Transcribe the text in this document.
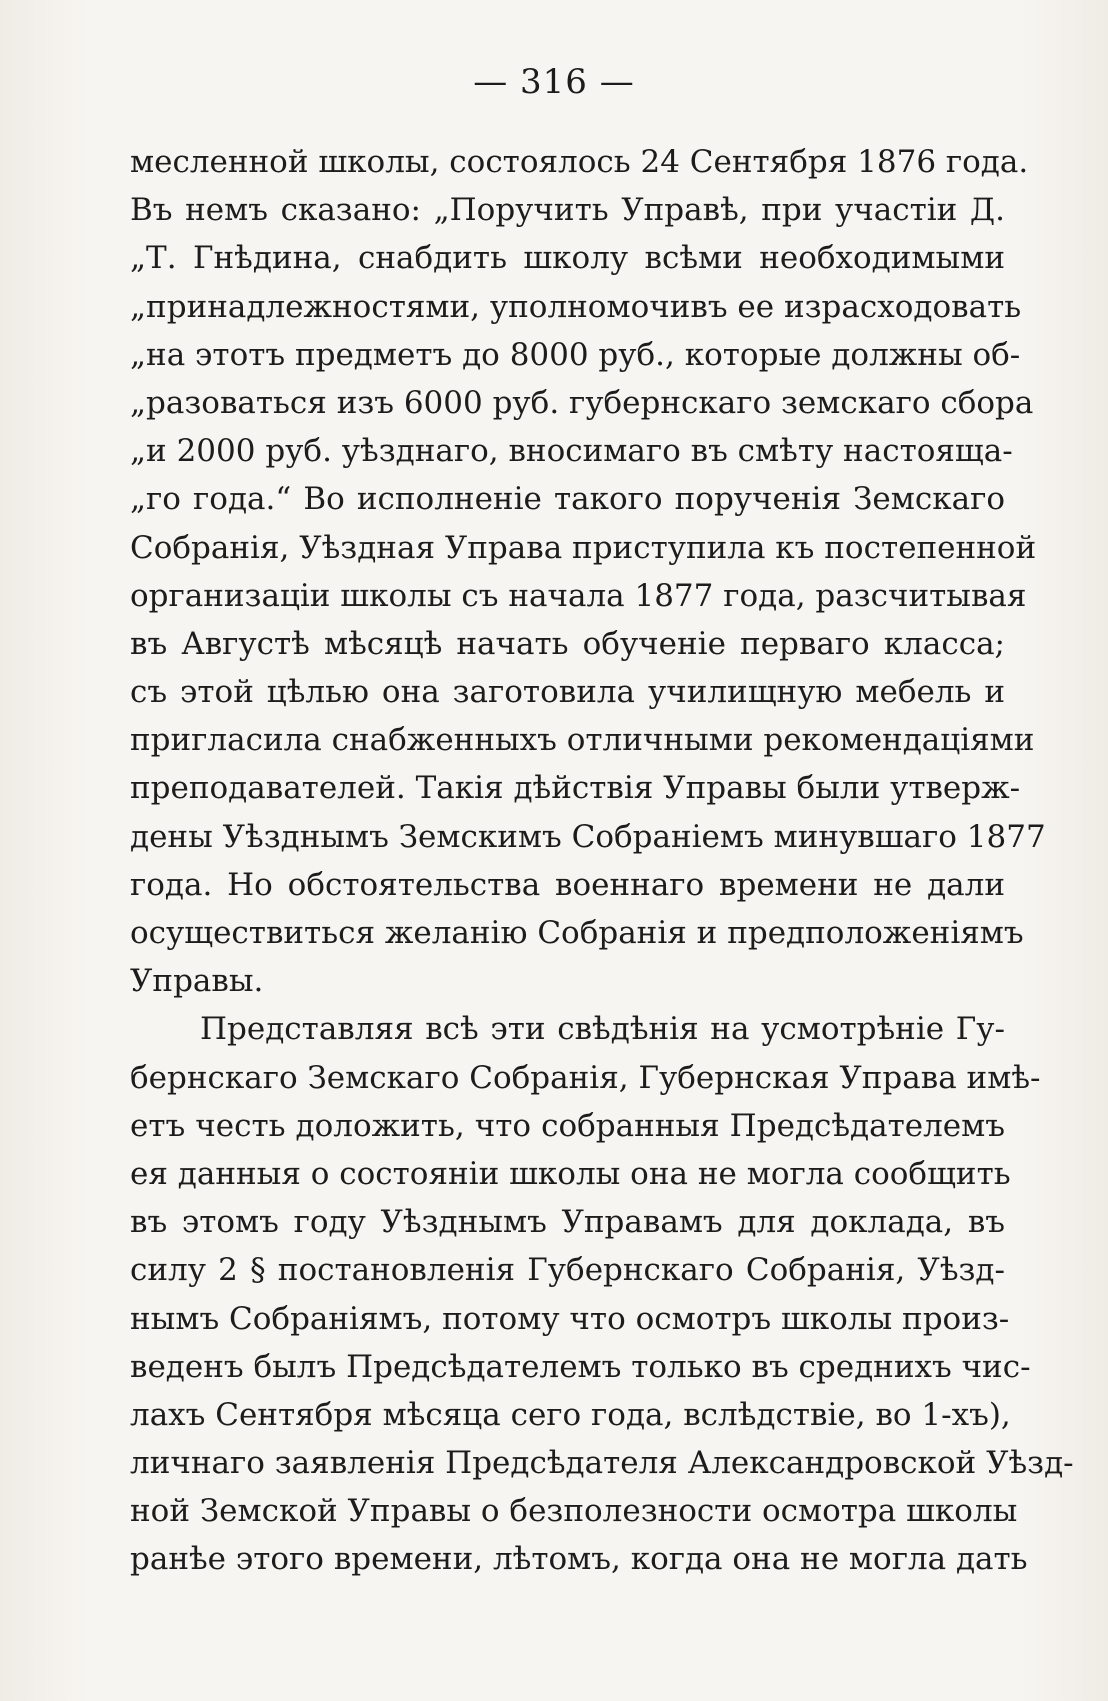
— 316 —
месленной школы, состоялось 24 Сентября 1876 года.
Въ немъ сказано: „Поручить Управѣ, при участіи Д.
„Т. Гнѣдина, снабдить школу всѣми необходимыми
„принадлежностями, уполномочивъ ее израсходовать
„на этотъ предметъ до 8000 руб., которые должны об-
„разоваться изъ 6000 руб. губернскаго земскаго сбора
„и 2000 руб. уѣзднаго, вносимаго въ смѣту настояща-
„го года.“ Во исполненіе такого порученія Земскаго
Собранія, Уѣздная Управа приступила къ постепенной
организаціи школы съ начала 1877 года, разсчитывая
въ Августѣ мѣсяцѣ начать обученіе перваго класса;
съ этой цѣлью она заготовила училищную мебель и
пригласила снабженныхъ отличными рекомендаціями
преподавателей. Такія дѣйствія Управы были утверж-
дены Уѣзднымъ Земскимъ Собраніемъ минувшаго 1877
года. Но обстоятельства военнаго времени не дали
осуществиться желанію Собранія и предположеніямъ
Управы.
Представляя всѣ эти свѣдѣнія на усмотрѣніе Гу-
бернскаго Земскаго Собранія, Губернская Управа имѣ-
етъ честь доложить, что собранныя Предсѣдателемъ
ея данныя о состояніи школы она не могла сообщить
въ этомъ году Уѣзднымъ Управамъ для доклада, въ
силу 2 § постановленія Губернскаго Собранія, Уѣзд-
нымъ Собраніямъ, потому что осмотръ школы произ-
веденъ былъ Предсѣдателемъ только въ среднихъ чис-
лахъ Сентября мѣсяца сего года, вслѣдствіе, во 1-хъ),
личнаго заявленія Предсѣдателя Александровской Уѣзд-
ной Земской Управы о безполезности осмотра школы
ранѣе этого времени, лѣтомъ, когда она не могла дать
